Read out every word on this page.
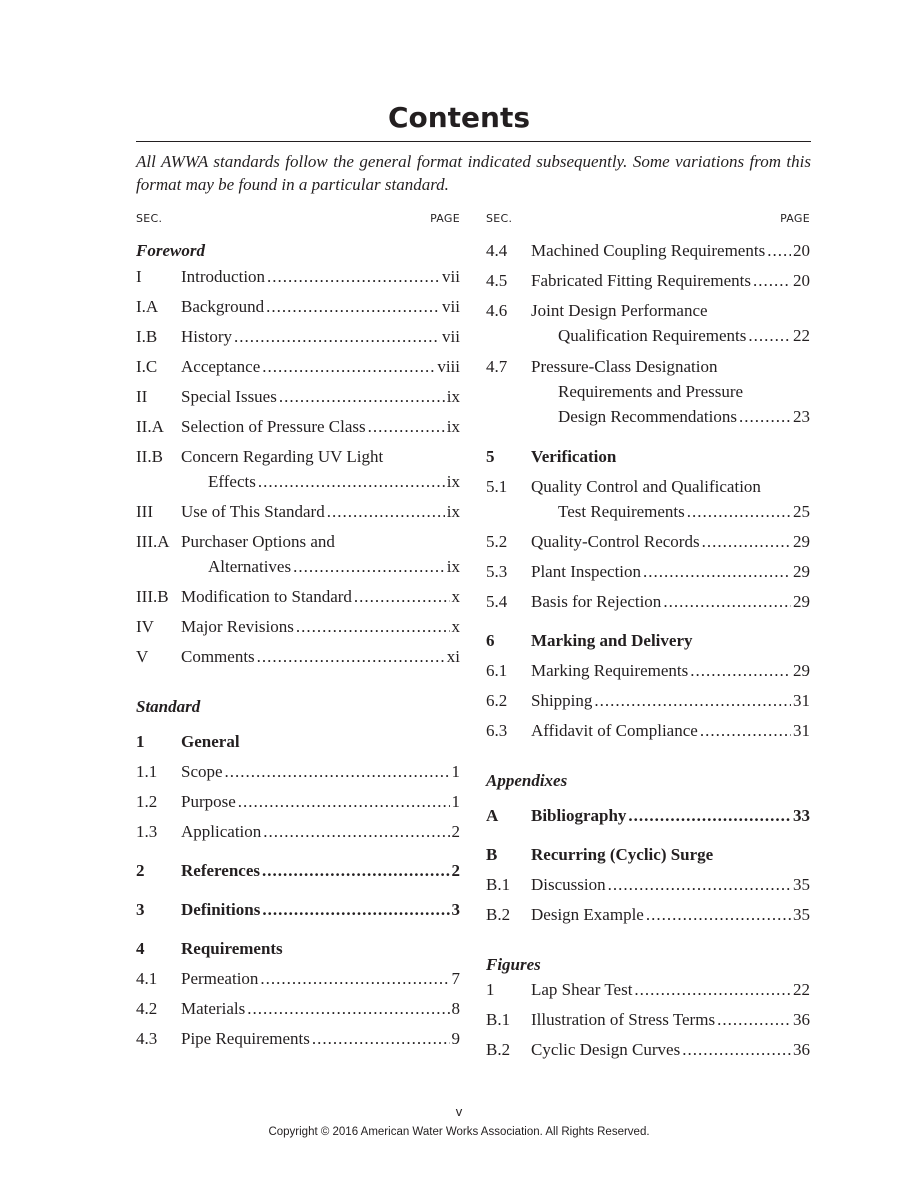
Contents

All AWWA standards follow the general format indicated subsequently. Some variations from this format may be found in a particular standard.

SEC.	PAGE
Foreword
Standard
I Introduction .....	vii
I.A Background .....	vii
I.B History .....	vii
I.C Acceptance .....	viii
II Special Issues .....	ix
II.A Selection of Pressure Class .....	ix
II.B Concern Regarding UV Light
Effects .....	ix
III Use of This Standard .....	ix
III.A Purchaser Options and
Alternatives .....	ix
III.B Modification to Standard .....	x
IV Major Revisions .....	x
V Comments .....	xi
1 General
1.1 Scope .....	1
1.2 Purpose .....	1
1.3 Application .....	2
2 References .....	2
3 Definitions .....	3
4 Requirements
4.1 Permeation .....	7
4.2 Materials .....	8
4.3 Pipe Requirements .....	9
SEC.	PAGE
Appendixes
Figures
4.4 Machined Coupling Requirements ..... 20
4.5 Fabricated Fitting Requirements ..... 20
4.6 Joint Design Performance
Qualification Requirements .....	22
4.7 Pressure-Class Designation
Requirements and Pressure
Design Recommendations .....	23
5 Verification
5.1 Quality Control and Qualification
Test Requirements .....	25
5.2 Quality-Control Records .....	29
5.3 Plant Inspection .....	29
5.4 Basis for Rejection .....	29
6 Marking and Delivery
6.1 Marking Requirements .....	29
6.2 Shipping .....	31
6.3 Affidavit of Compliance .....	31
A Bibliography .....	33
B Recurring (Cyclic) Surge
B.1 Discussion .....	35
B.2 Design Example .....	35
1 Lap Shear Test .....	22
B.1 Illustration of Stress Terms .....	36
B.2 Cyclic Design Curves .....	36
v
Copyright © 2016 American Water Works Association. All Rights Reserved.
